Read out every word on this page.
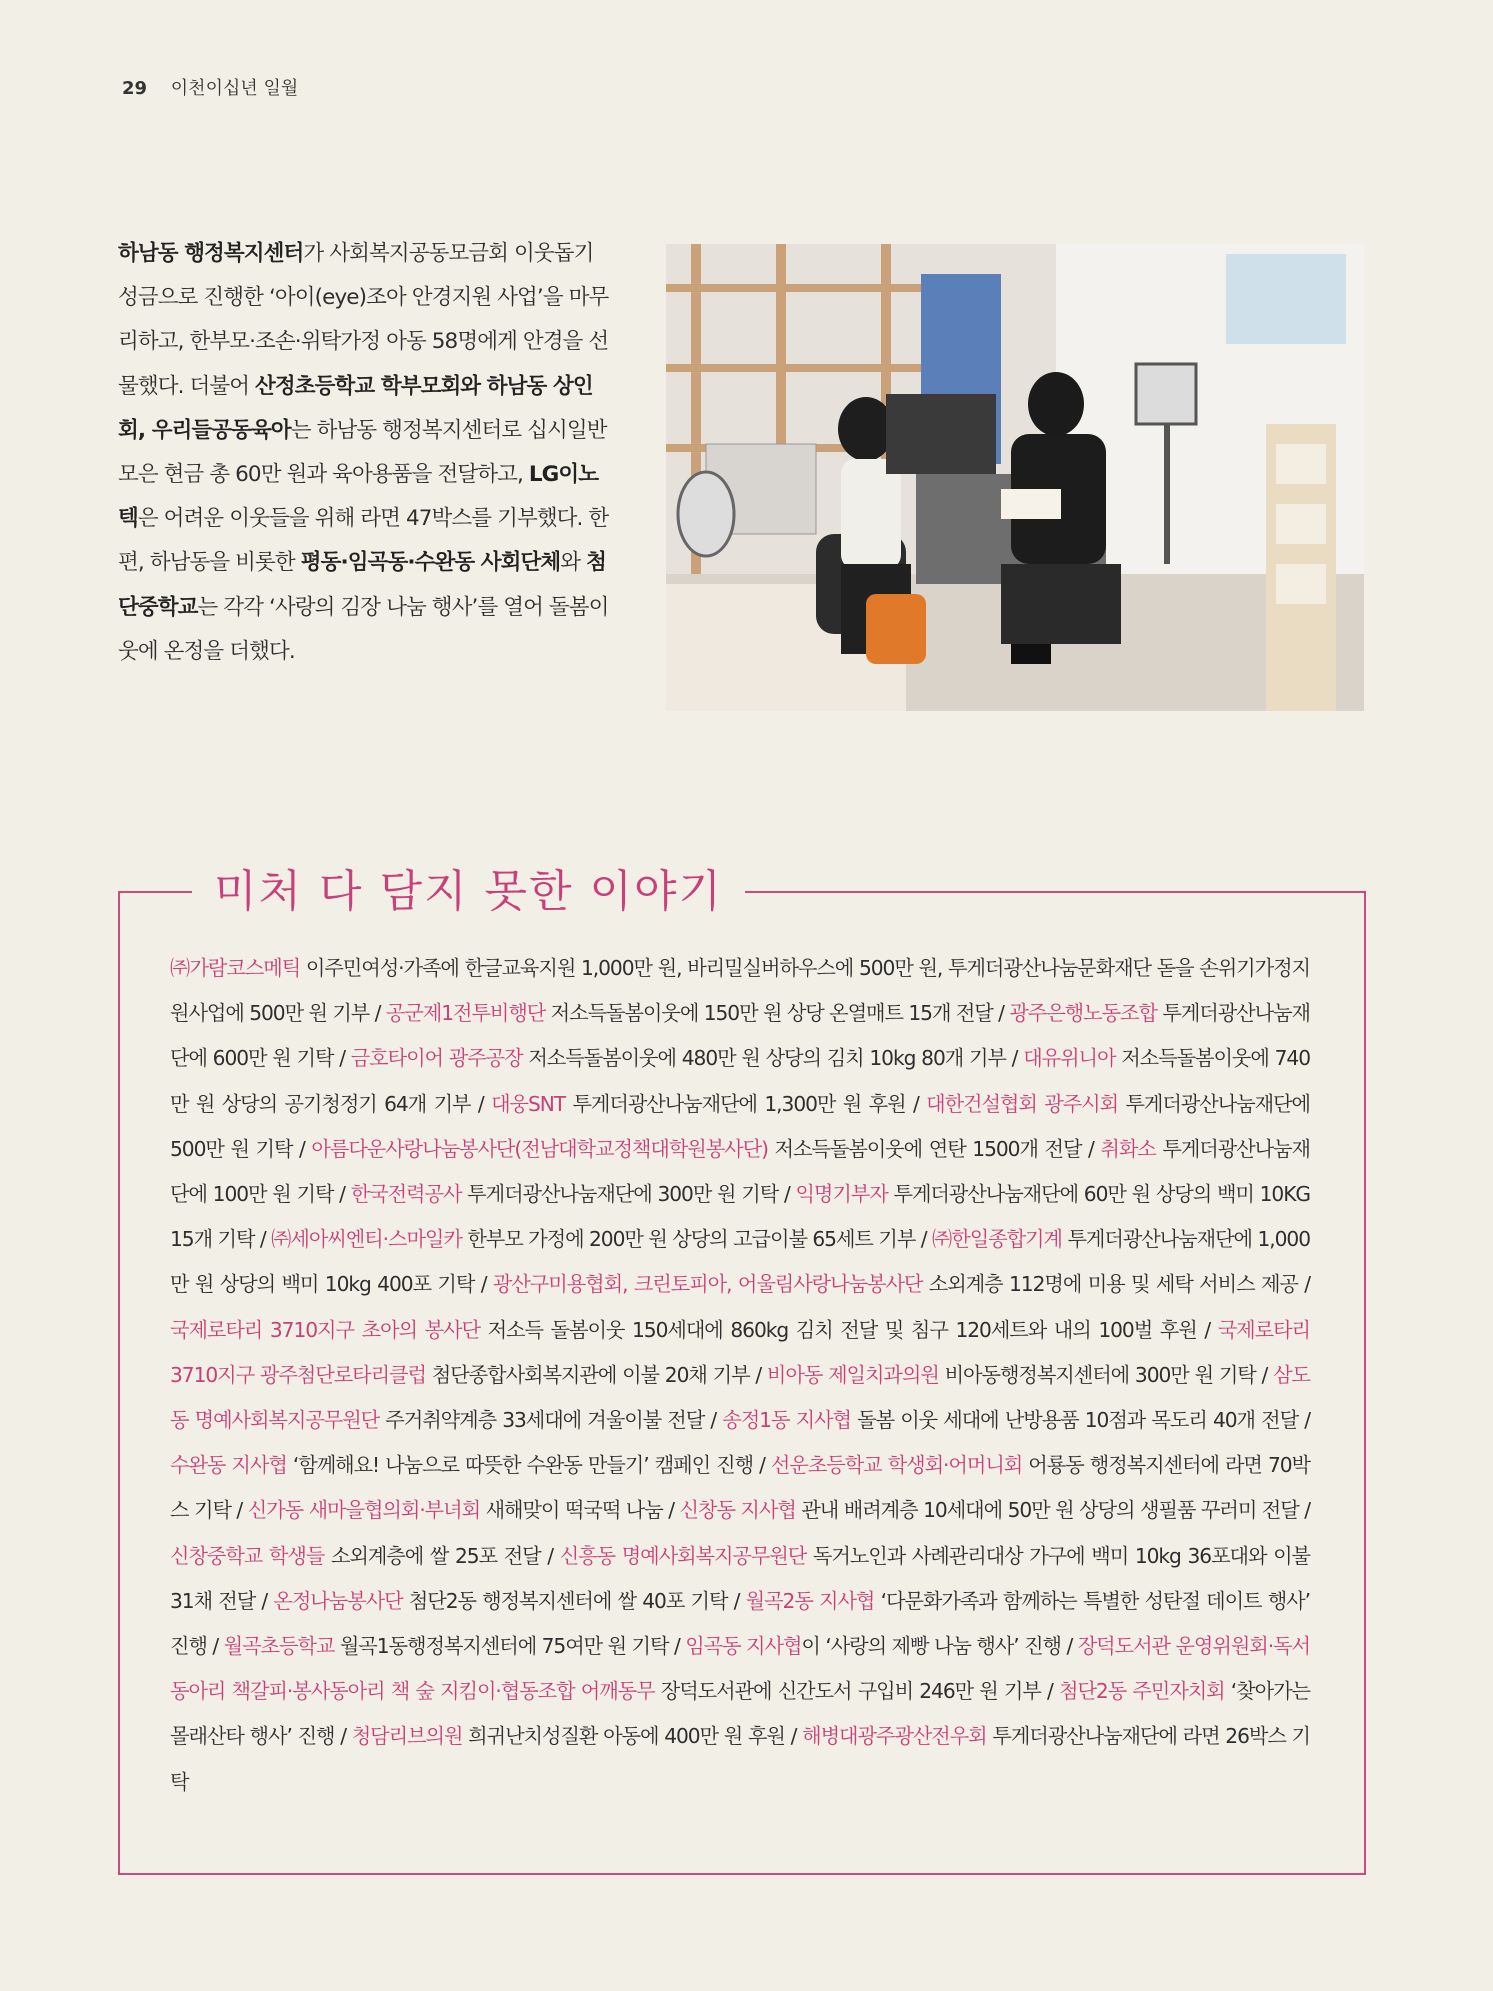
29 이천이십년 일월
하남동 행정복지센터가 사회복지공동모금회 이웃돕기 성금으로 진행한 ‘아이(eye)조아 안경지원 사업’을 마무리하고, 한부모·조손·위탁가정 아동 58명에게 안경을 선물했다. 더불어 산정초등학교 학부모회와 하남동 상인회, 우리들공동육아는 하남동 행정복지센터로 십시일반 모은 현금 총 60만 원과 육아용품을 전달하고, LG이노텍은 어려운 이웃들을 위해 라면 47박스를 기부했다. 한편, 하남동을 비롯한 평동·임곡동·수완동 사회단체와 첨단중학교는 각각 ‘사랑의 김장 나눔 행사’를 열어 돌봄이웃에 온정을 더했다.
미처 다 담지 못한 이야기
㈜가람코스메틱 이주민여성·가족에 한글교육지원 1,000만 원, 바리밀실버하우스에 500만 원, 투게더광산나눔문화재단 돋을 손위기가정지원사업에 500만 원 기부 / 공군제1전투비행단 저소득돌봄이웃에 150만 원 상당 온열매트 15개 전달 / 광주은행노동조합 투게더광산나눔재단에 600만 원 기탁 / 금호타이어 광주공장 저소득돌봄이웃에 480만 원 상당의 김치 10kg 80개 기부 / 대유위니아 저소득돌봄이웃에 740만 원 상당의 공기청정기 64개 기부 / 대웅SNT 투게더광산나눔재단에 1,300만 원 후원 / 대한건설협회 광주시회 투게더광산나눔재단에 500만 원 기탁 / 아름다운사랑나눔봉사단(전남대학교정책대학원봉사단) 저소득돌봄이웃에 연탄 1500개 전달 / 취화소 투게더광산나눔재단에 100만 원 기탁 / 한국전력공사 투게더광산나눔재단에 300만 원 기탁 / 익명기부자 투게더광산나눔재단에 60만 원 상당의 백미 10KG 15개 기탁 / ㈜세아씨엔티·스마일카 한부모 가정에 200만 원 상당의 고급이불 65세트 기부 / ㈜한일종합기계 투게더광산나눔재단에 1,000만 원 상당의 백미 10kg 400포 기탁 / 광산구미용협회, 크린토피아, 어울림사랑나눔봉사단 소외계층 112명에 미용 및 세탁 서비스 제공 / 국제로타리 3710지구 초아의 봉사단 저소득 돌봄이웃 150세대에 860kg 김치 전달 및 침구 120세트와 내의 100벌 후원 / 국제로타리 3710지구 광주첨단로타리클럽 첨단종합사회복지관에 이불 20채 기부 / 비아동 제일치과의원 비아동행정복지센터에 300만 원 기탁 / 삼도동 명예사회복지공무원단 주거취약계층 33세대에 겨울이불 전달 / 송정1동 지사협 돌봄 이웃 세대에 난방용품 10점과 목도리 40개 전달 / 수완동 지사협 ‘함께해요! 나눔으로 따뜻한 수완동 만들기’ 캠페인 진행 / 선운초등학교 학생회·어머니회 어룡동 행정복지센터에 라면 70박스 기탁 / 신가동 새마을협의회·부녀회 새해맞이 떡국떡 나눔 / 신창동 지사협 관내 배려계층 10세대에 50만 원 상당의 생필품 꾸러미 전달 / 신창중학교 학생들 소외계층에 쌀 25포 전달 / 신흥동 명예사회복지공무원단 독거노인과 사례관리대상 가구에 백미 10kg 36포대와 이불 31채 전달 / 온정나눔봉사단 첨단2동 행정복지센터에 쌀 40포 기탁 / 월곡2동 지사협 ‘다문화가족과 함께하는 특별한 성탄절 데이트 행사’ 진행 / 월곡초등학교 월곡1동행정복지센터에 75여만 원 기탁 / 임곡동 지사협이 ‘사랑의 제빵 나눔 행사’ 진행 / 장덕도서관 운영위원회·독서동아리 책갈피·봉사동아리 책 숲 지킴이·협동조합 어깨동무 장덕도서관에 신간도서 구입비 246만 원 기부 / 첨단2동 주민자치회 ‘찾아가는 몰래산타 행사’ 진행 / 청담리브의원 희귀난치성질환 아동에 400만 원 후원 / 해병대광주광산전우회 투게더광산나눔재단에 라면 26박스 기탁
